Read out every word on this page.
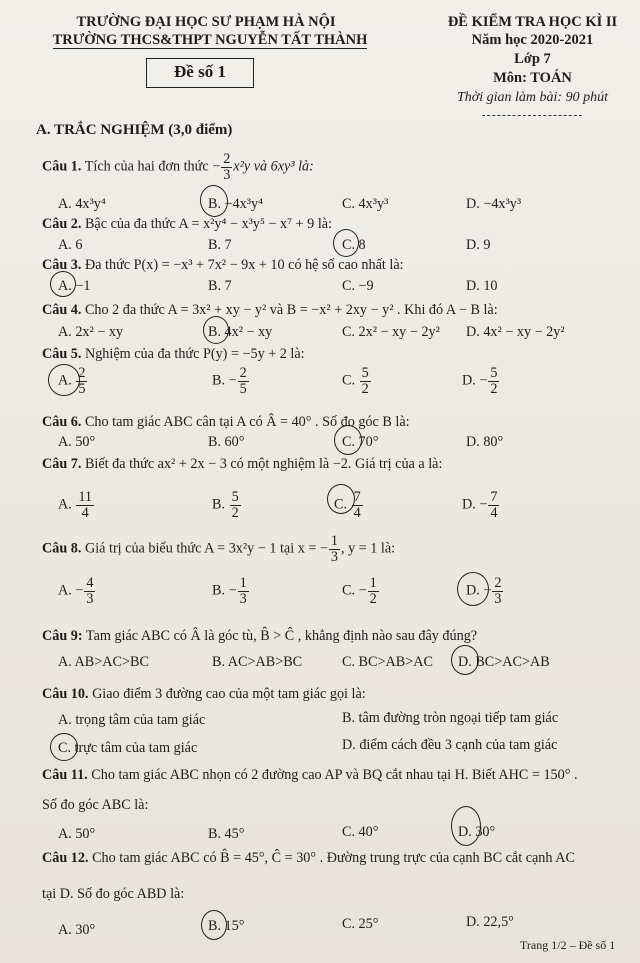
TRƯỜNG ĐẠI HỌC SƯ PHẠM HÀ NỘI
TRƯỜNG THCS&THPT NGUYỄN TẤT THÀNH
Đề số 1
ĐỀ KIỂM TRA HỌC KÌ II
Năm học 2020-2021
Lớp 7
Môn: TOÁN
Thời gian làm bài: 90 phút
A. TRẮC NGHIỆM (3,0 điểm)
Câu 1. Tích của hai đơn thức − $\frac{2}{3} x^2y$ và 6xy³ là:
A. 4x³y⁴	B. −4x³y⁴	C. 4x³y³	D. −4x³y³
Câu 2. Bậc của đa thức A = x²y⁴ − x³y⁵ − x⁷ + 9 là:
A. 6	B. 7	C. 8	D. 9
Câu 3. Đa thức P(x) = −x³ + 7x² − 9x + 10 có hệ số cao nhất là:
A. −1	B. 7	C. −9	D. 10
Câu 4. Cho 2 đa thức A = 3x² + xy − y² và B = −x² + 2xy − y² . Khi đó A − B là:
A. 2x² − xy	B. 4x² − xy	C. 2x² − xy − 2y² D. 4x² − xy − 2y²
Câu 5. Nghiệm của đa thức P(y) = −5y + 2 là:
A. $\frac{2}{5}$	B. − $\frac{2}{5}$	C. $\frac{5}{2}$	D. − $\frac{5}{2}$
Câu 6. Cho tam giác ABC cân tại A có Â = 40° . Số đo góc B là:
A. 50°	B. 60°	C. 70°	D. 80°
Câu 7. Biết đa thức ax² + 2x − 3 có một nghiệm là −2. Giá trị của a là:
A. $\frac{11}{4}$	B. $\frac{5}{2}$	C. $\frac{7}{4}$	D. − $\frac{7}{4}$
Câu 8. Giá trị của biểu thức A = 3x²y − 1 tại x = − $\frac{1}{3}$ , y = 1 là:
A. − $\frac{4}{3}$	B. − $\frac{1}{3}$	C. − $\frac{1}{2}$	D. − $\frac{2}{3}$
Câu 9: Tam giác ABC có Â là góc tù, B̂ > Ĉ , khẳng định nào sau đây đúng?
A. AB>AC>BC	B. AC>AB>BC	C. BC>AB>AC D. BC>AC>AB
Câu 10. Giao điểm 3 đường cao của một tam giác gọi là:
A. trọng tâm của tam giác	B. tâm đường tròn ngoại tiếp tam giác
C. trực tâm của tam giác	D. điểm cách đều 3 cạnh của tam giác
Câu 11. Cho tam giác ABC nhọn có 2 đường cao AP và BQ cắt nhau tại H. Biết AHC = 150° .
Số đo góc ABC là:
A. 50°	B. 45°	C. 40°	D. 30°
Câu 12. Cho tam giác ABC có B̂ = 45°, Ĉ = 30° . Đường trung trực của cạnh BC cắt cạnh AC
tại D. Số đo góc ABD là:
A. 30°	B. 15°	C. 25°	D. 22,5°
Trang 1/2 – Đề số 1
